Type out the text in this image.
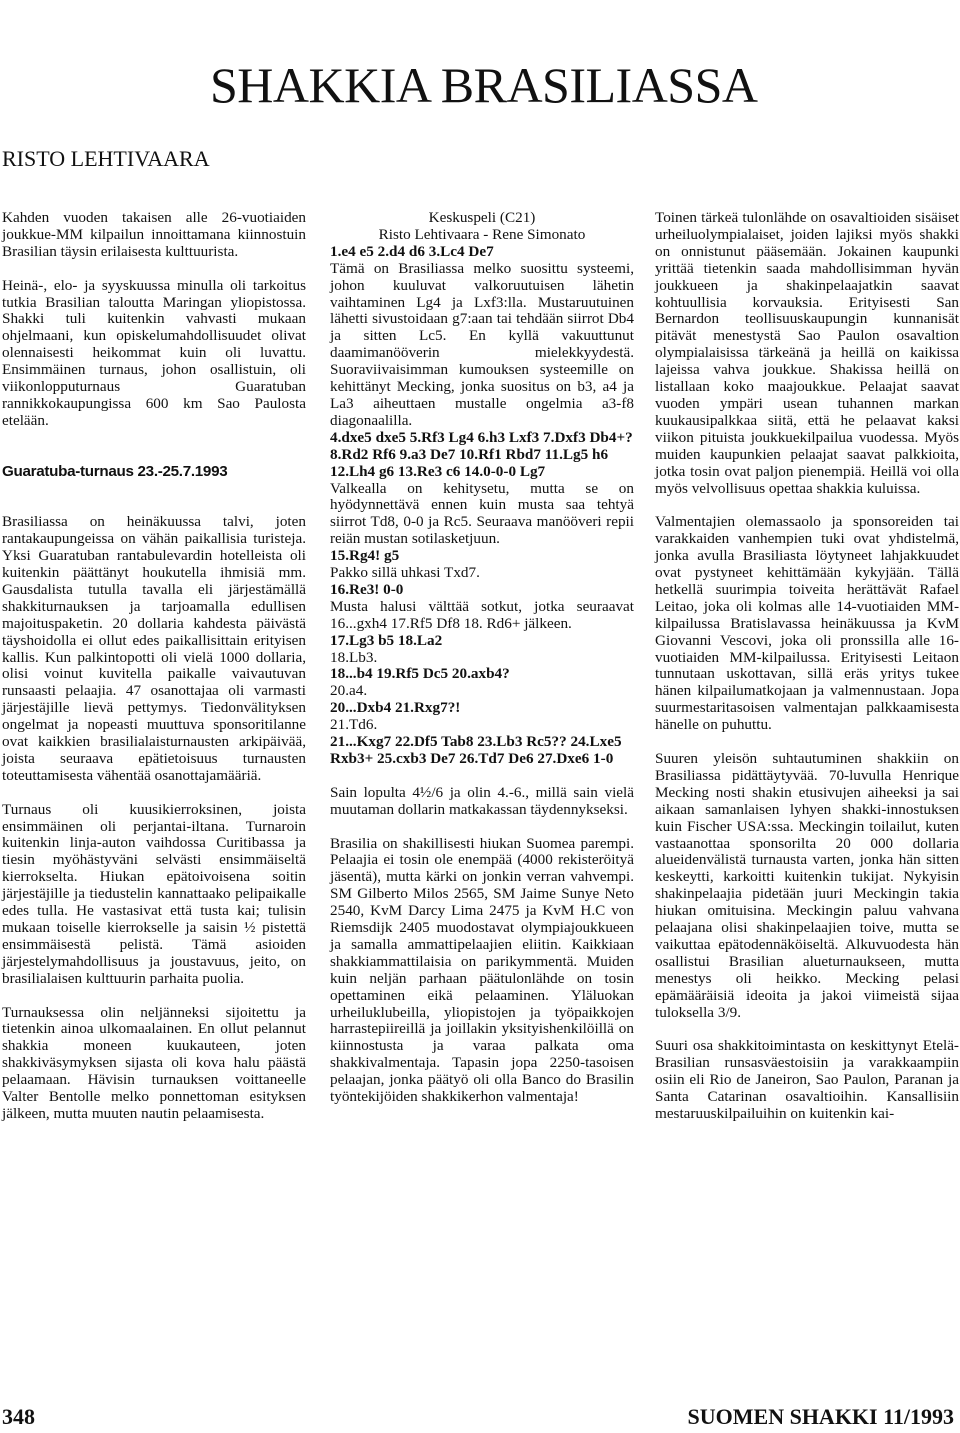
SHAKKIA BRASILIASSA
RISTO LEHTIVAARA

Kahden vuoden takaisen alle 26-vuotiaiden joukkue-MM kilpailun innoittamana kiinnostuin Brasilian täysin erilaisesta kulttuurista.

Heinä-, elo- ja syyskuussa minulla oli tarkoitus tutkia Brasilian taloutta Maringan yliopistossa. Shakki tuli kuitenkin vahvasti mukaan ohjelmaani, kun opiskelumahdollisuudet olivat olennaisesti heikommat kuin oli luvattu. Ensimmäinen turnaus, johon osallistuin, oli viikonlopputurnaus Guaratuban rannikkokaupungissa 600 km Sao Paulosta etelään.

Guaratuba-turnaus 23.-25.7.1993

Brasiliassa on heinäkuussa talvi, joten rantakaupungeissa on vähän paikallisia turisteja. Yksi Guaratuban rantabulevardin hotelleista oli kuitenkin päättänyt houkutella ihmisiä mm. Gausdalista tutulla tavalla eli järjestämällä shakkiturnauksen ja tarjoamalla edullisen majoituspaketin. 20 dollaria kahdesta päivästä täyshoidolla ei ollut edes paikallisittain erityisen kallis. Kun palkintopotti oli vielä 1000 dollaria, olisi voinut kuvitella paikalle vaivautuvan runsaasti pelaajia. 47 osanottajaa oli varmasti järjestäjille lievä pettymys. Tiedonvälityksen ongelmat ja nopeasti muuttuva sponsoritilanne ovat kaikkien brasilialaisturnausten arkipäivää, joista seuraava epätietoisuus turnausten toteuttamisesta vähentää osanottajamääriä.

Turnaus oli kuusikierroksinen, joista ensimmäinen oli perjantai-iltana. Turnaroin kuitenkin linja-auton vaihdossa Curitibassa ja tiesin myöhästyväni selvästi ensimmäiseltä kierrokselta. Hiukan epätoivoisena soitin järjestäjille ja tiedustelin kannattaako pelipaikalle edes tulla. He vastasivat että tusta kai; tulisin mukaan toiselle kierrokselle ja saisin ½ pistettä ensimmäisestä pelistä. Tämä asioiden järjestelymahdollisuus ja joustavuus, jeito, on brasilialaisen kulttuurin parhaita puolia.

Turnauksessa olin neljänneksi sijoitettu ja tietenkin ainoa ulkomaalainen. En ollut pelannut shakkia moneen kuukauteen, joten shakkiväsymyksen sijasta oli kova halu päästä pelaamaan. Hävisin turnauksen voittaneelle Valter Bentolle melko ponnettoman esityksen jälkeen, mutta muuten nautin pelaamisesta.

Keskuspeli (C21)

Risto Lehtivaara - Rene Simonato

1.e4 e5 2.d4 d6 3.Lc4 De7

Tämä on Brasiliassa melko suosittu systeemi, johon kuuluvat valkoruutuisen lähetin vaihtaminen Lg4 ja Lxf3:lla. Mustaruutuinen lähetti sivustoidaan g7:aan tai tehdään siirrot Db4 ja sitten Lc5. En kyllä vakuuttunut daamimanööverin mielekkyydestä. Suoraviivaisimman kumouksen systeemille on kehittänyt Mecking, jonka suositus on b3, a4 ja La3 aiheuttaen mustalle ongelmia a3-f8 diagonaalilla.

4.dxe5 dxe5 5.Rf3 Lg4 6.h3 Lxf3 7.Dxf3 Db4+? 8.Rd2 Rf6 9.a3 De7 10.Rf1 Rbd7 11.Lg5 h6 12.Lh4 g6 13.Re3 c6 14.0-0-0 Lg7

Valkealla on kehitysetu, mutta se on hyödynnettävä ennen kuin musta saa tehtyä siirrot Td8, 0-0 ja Rc5. Seuraava manööveri repii reiän mustan sotilasketjuun.

15.Rg4! g5

Pakko sillä uhkasi Txd7.

16.Re3! 0-0

Musta halusi välttää sotkut, jotka seuraavat 16...gxh4 17.Rf5 Df8 18. Rd6+ jälkeen.

17.Lg3 b5 18.La2

18.Lb3.

18...b4 19.Rf5 Dc5 20.axb4?

20.a4.

20...Dxb4 21.Rxg7?!

21.Td6.

21...Kxg7 22.Df5 Tab8 23.Lb3 Rc5?? 24.Lxe5 Rxb3+ 25.cxb3 De7 26.Td7 De6 27.Dxe6 1-0

Sain lopulta 4½/6 ja olin 4.-6., millä sain vielä muutaman dollarin matkakassan täydennykseksi.

Brasilia on shakillisesti hiukan Suomea parempi. Pelaajia ei tosin ole enempää (4000 rekisteröityä jäsentä), mutta kärki on jonkin verran vahvempi. SM Gilberto Milos 2565, SM Jaime Sunye Neto 2540, KvM Darcy Lima 2475 ja KvM H.C von Riemsdijk 2405 muodostavat olympiajoukkueen ja samalla ammattipelaajien eliitin. Kaikkiaan shakkiammattilaisia on parikymmentä. Muiden kuin neljän parhaan päätulonlähde on tosin opettaminen eikä pelaaminen. Yläluokan urheiluklubeilla, yliopistojen ja työpaikkojen harrastepiireillä ja joillakin yksityishenkilöillä on kiinnostusta ja varaa palkata oma shakkivalmentaja. Tapasin jopa 2250-tasoisen pelaajan, jonka päätyö oli olla Banco do Brasilin työntekijöiden shakkikerhon valmentaja!

Toinen tärkeä tulonlähde on osavaltioiden sisäiset urheiluolympialaiset, joiden lajiksi myös shakki on onnistunut pääsemään. Jokainen kaupunki yrittää tietenkin saada mahdollisimman hyvän joukkueen ja shakinpelaajatkin saavat kohtuullisia korvauksia. Erityisesti San Bernardon teollisuuskaupungin kunnanisät pitävät menestystä Sao Paulon osavaltion olympialaisissa tärkeänä ja heillä on kaikissa lajeissa vahva joukkue. Shakissa heillä on listallaan koko maajoukkue. Pelaajat saavat vuoden ympäri usean tuhannen markan kuukausipalkkaa siitä, että he pelaavat kaksi viikon pituista joukkuekilpailua vuodessa. Myös muiden kaupunkien pelaajat saavat palkkioita, jotka tosin ovat paljon pienempiä. Heillä voi olla myös velvollisuus opettaa shakkia kuluissa.

Valmentajien olemassaolo ja sponsoreiden tai varakkaiden vanhempien tuki ovat yhdistelmä, jonka avulla Brasiliasta löytyneet lahjakkuudet ovat pystyneet kehittämään kykyjään. Tällä hetkellä suurimpia toiveita herättävät Rafael Leitao, joka oli kolmas alle 14-vuotiaiden MM-kilpailussa Bratislavassa heinäkuussa ja KvM Giovanni Vescovi, joka oli pronssilla alle 16-vuotiaiden MM-kilpailussa. Erityisesti Leitaon tunnutaan uskottavan, sillä eräs yritys tukee hänen kilpailumatkojaan ja valmennustaan. Jopa suurmestaritasoisen valmentajan palkkaamisesta hänelle on puhuttu.

Suuren yleisön suhtautuminen shakkiin on Brasiliassa pidättäytyvää. 70-luvulla Henrique Mecking nosti shakin etusivujen aiheeksi ja sai aikaan samanlaisen lyhyen shakki-innostuksen kuin Fischer USA:ssa. Meckingin toilailut, kuten vastaanottaa sponsorilta 20 000 dollaria alueidenvälistä turnausta varten, jonka hän sitten keskeytti, karkoitti kuitenkin tukijat. Nykyisin shakinpelaajia pidetään juuri Meckingin takia hiukan omituisina. Meckingin paluu vahvana pelaajana olisi shakinpelaajien toive, mutta se vaikuttaa epätodennäköiseltä. Alkuvuodesta hän osallistui Brasilian alueturnaukseen, mutta menestys oli heikko. Mecking pelasi epämääräisiä ideoita ja jakoi viimeistä sijaa tuloksella 3/9.

Suuri osa shakkitoimintasta on keskittynyt Etelä-Brasilian runsasväestoisiin ja varakkaampiin osiin eli Rio de Janeiron, Sao Paulon, Paranan ja Santa Catarinan osavaltioihin. Kansallisiin mestaruuskilpailuihin on kuitenkin kai-

348	SUOMEN SHAKKI 11/1993
